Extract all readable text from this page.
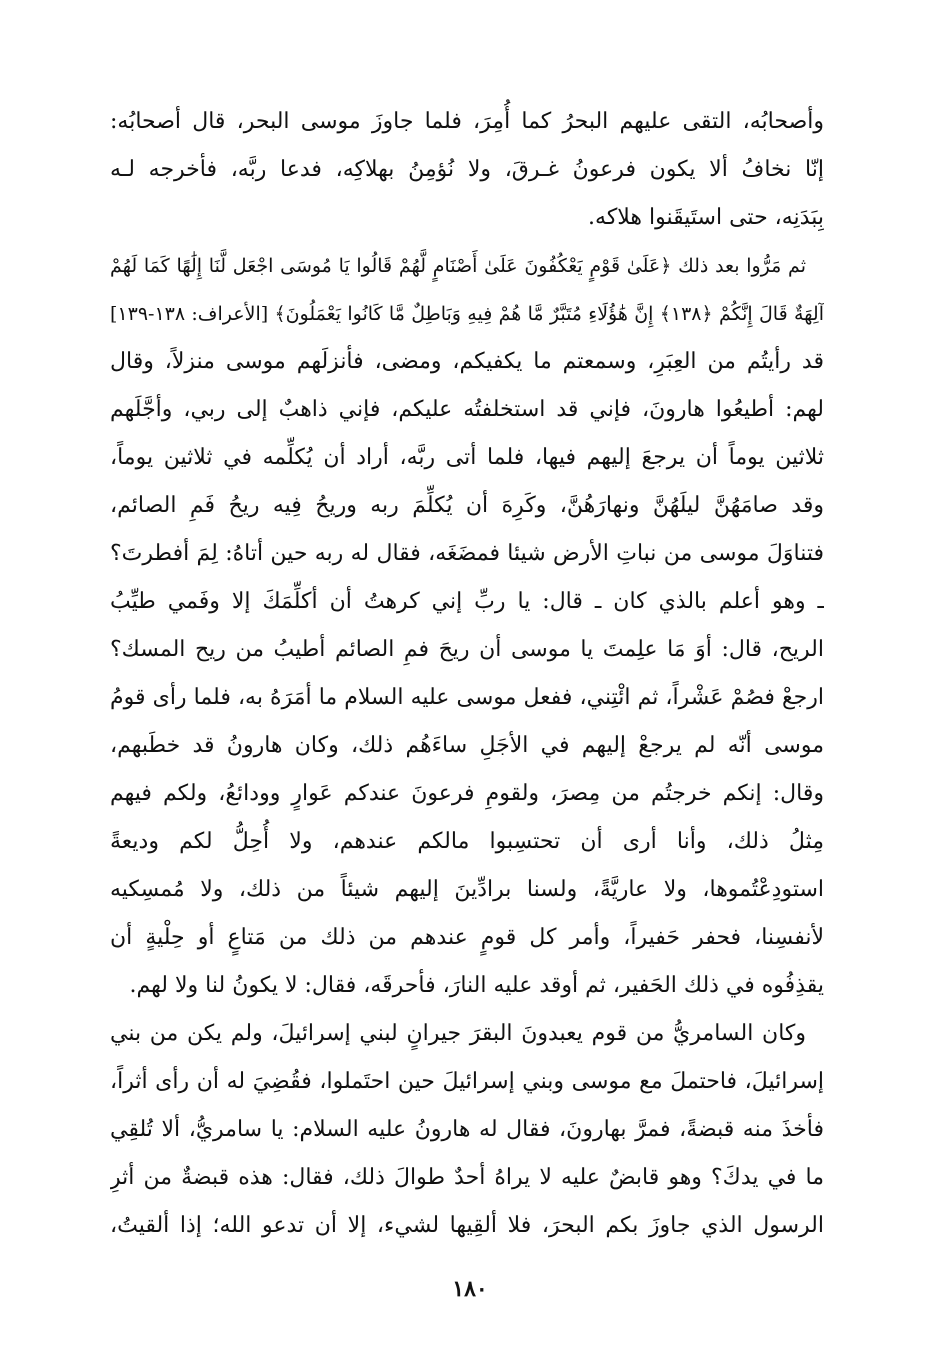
وأصحابُه، التقى عليهم البحرُ كما أُمِرَ، فلما جاوزَ موسى البحر، قال أصحابُه:
إنّا نخافُ ألا يكون فرعونُ غـرقَ، ولا نُؤمِنُ بهلاكِه، فدعا ربَّه، فأخرجه لـه
بِبَدَنِه، حتى استَيقَنوا هلاكه.
ثم مَرُّوا بعد ذلك ﴿عَلَىٰ قَوْمٍ يَعْكُفُونَ عَلَىٰ أَصْنَامٍ لَّهُمْ قَالُوا يَا مُوسَى اجْعَل لَّنَا إِلَٰهًا كَمَا لَهُمْ
آلِهَةٌ قَالَ إِنَّكُمْ ﴿١٣٨﴾ إِنَّ هَٰؤُلَاءِ مُتَبَّرٌ مَّا هُمْ فِيهِ وَبَاطِلٌ مَّا كَانُوا يَعْمَلُونَ﴾ [الأعراف: ١٣٨-١٣٩]
قد رأيتُم من العِبَرِ، وسمعتم ما يكفيكم، ومضى، فأنزلَهم موسى منزلاً، وقال
لهم: أطيعُوا هارونَ، فإني قد استخلفتُه عليكم، فإني ذاهبٌ إلى ربي، وأجَّلَهم
ثلاثين يوماً أن يرجعَ إليهم فيها، فلما أتى ربَّه، أراد أن يُكلِّمه في ثلاثين يوماً،
وقد صامَهُنَّ ليلَهُنَّ ونهارَهُنَّ، وكَرِهَ أن يُكلِّمَ ربه وريحُ فِيه ريحُ فَمِ الصائم،
فتناوَلَ موسى من نباتِ الأرض شيئا فمضَغَه، فقال له ربه حين أتاهُ: لِمَ أفطرتَ؟
ـ وهو أعلم بالذي كان ـ قال: يا ربِّ إني كرهتُ أن أكلِّمَكَ إلا وفَمي طيِّبُ
الريح، قال: أوَ مَا علِمتَ يا موسى أن ريحَ فمِ الصائم أطيبُ من ريح المسك؟
ارجعْ فصُمْ عَشْراً، ثم ائْتِني، ففعل موسى عليه السلام ما أمَرَهُ به، فلما رأى قومُ
موسى أنّه لم يرجعْ إليهم في الأجَلِ ساءَهُم ذلك، وكان هارونُ قد خطَبهم،
وقال: إنكم خرجتُم من مِصرَ، ولقومِ فرعونَ عندكم عَوارٍ وودائعُ، ولكم فيهم
مِثلُ ذلك، وأنا أرى أن تحتسِبوا مالكم عندهم، ولا أُحِلُّ لكم وديعةً
استودِعْتُموها، ولا عاريَّةً، ولسنا برادِّينَ إليهم شيئاً من ذلك، ولا مُمسِكيه
لأنفسِنا، فحفر حَفيراً، وأمر كل قومٍ عندهم من ذلك من مَتاعٍ أو حِلْيةٍ أن
يقذِفُوه في ذلك الحَفير، ثم أوقد عليه النارَ، فأحرقَه، فقال: لا يكونُ لنا ولا لهم.
وكان السامريُّ من قوم يعبدونَ البقرَ جيرانٍ لبني إسرائيلَ، ولم يكن من بني
إسرائيلَ، فاحتملَ مع موسى وبني إسرائيلَ حين احتَملوا، فقُضِيَ له أن رأى أثراً،
فأخذَ منه قبضةً، فمرَّ بهارونَ، فقال له هارونُ عليه السلام: يا سامريُّ، ألا تُلقِي
ما في يدكَ؟ وهو قابضٌ عليه لا يراهُ أحدٌ طوالَ ذلك، فقال: هذه قبضةٌ من أثرِ
الرسول الذي جاوزَ بكم البحرَ، فلا ألقِيها لشيء، إلا أن تدعو الله؛ إذا ألقيتُ،
١٨٠
